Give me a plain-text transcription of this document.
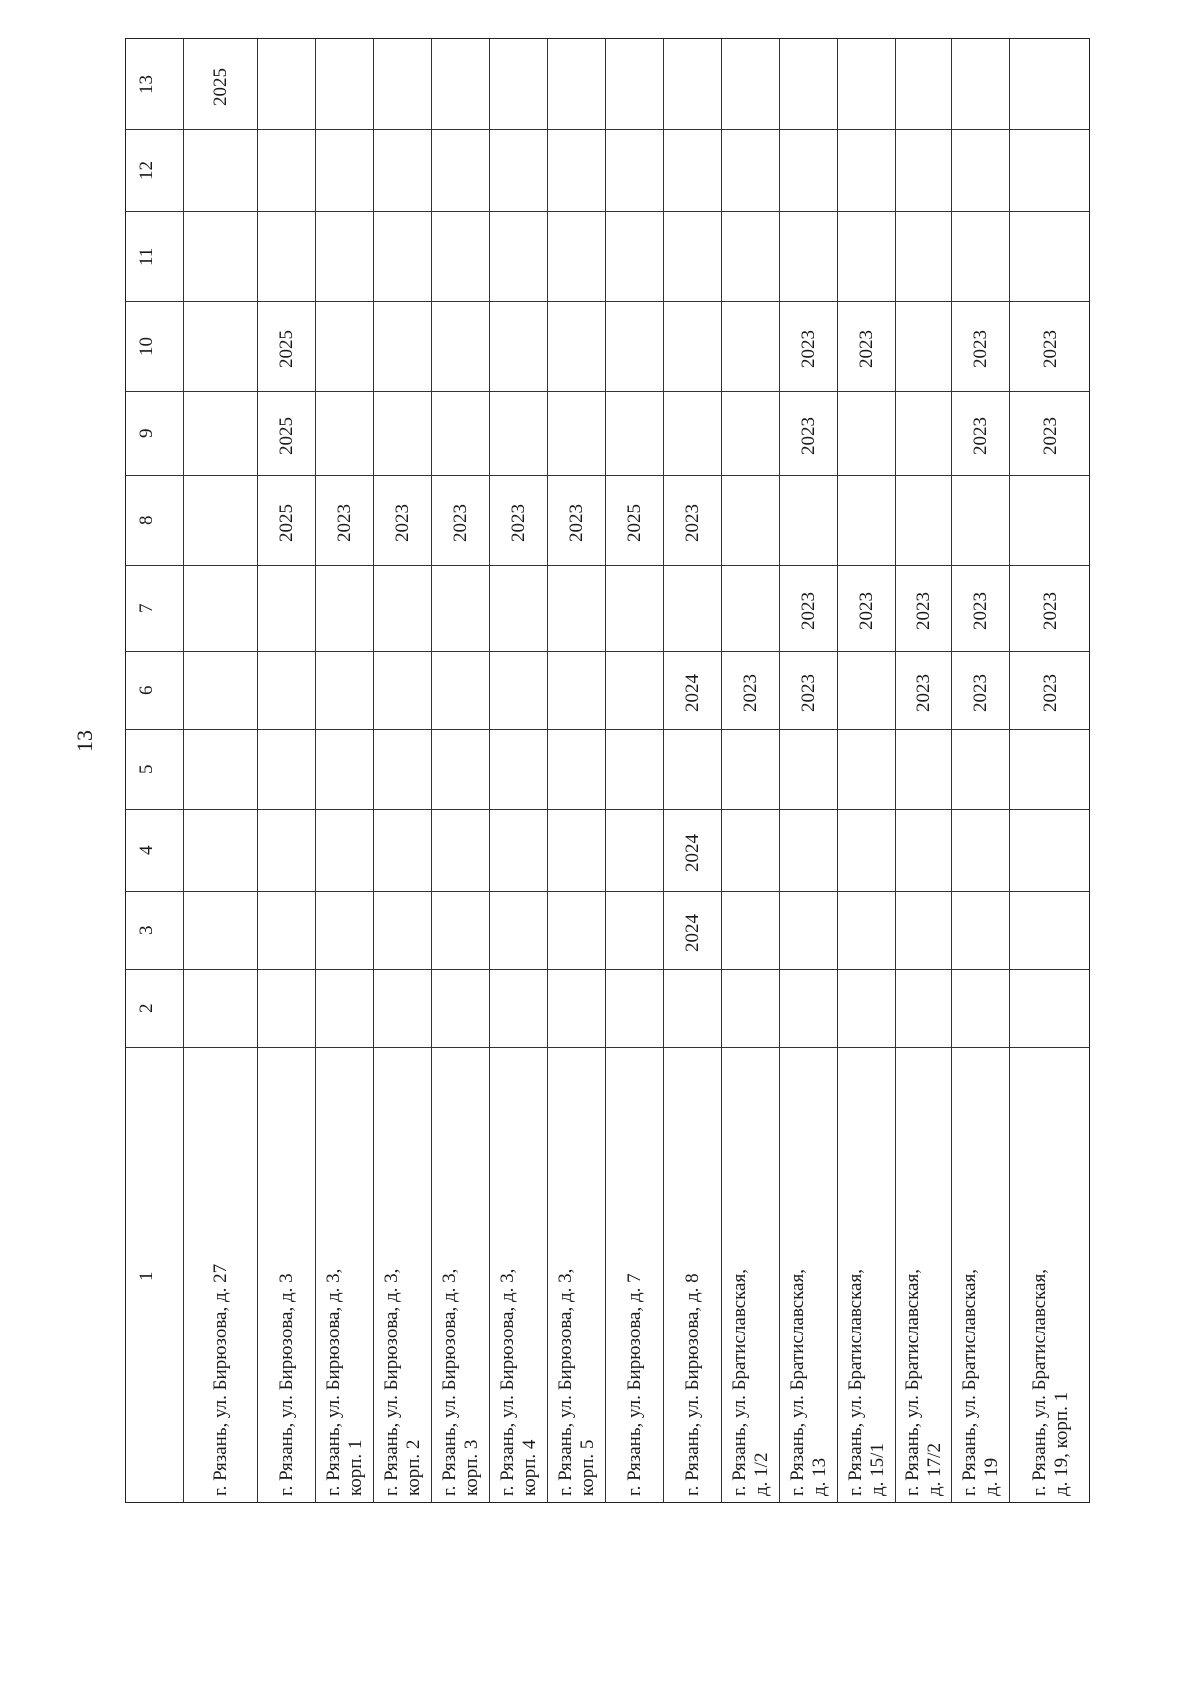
13
13
12
11
10
9
8
7
6
5
4
3
2
1	г. Рязань, ул. Бирюзова, д. 27
2025
г. Рязань, ул. Бирюзова, д. 3
2025
2025
2025
г. Рязань, ул. Бирюзова, д. 3, корп. 1
2023
г. Рязань, ул. Бирюзова, д. 3, корп. 2
2023
г. Рязань, ул. Бирюзова, д. 3, корп. 3
2023
г. Рязань, ул. Бирюзова, д. 3, корп. 4
2023
г. Рязань, ул. Бирюзова, д. 3, корп. 5
2023
г. Рязань, ул. Бирюзова, д. 7
2025
г. Рязань, ул. Бирюзова, д. 8
2024
2024
2024
2023
г. Рязань, ул. Братиславская, д. 1/2
2023
г. Рязань, ул. Братиславская, д. 13
2023
2023
2023
2023
г. Рязань, ул. Братиславская, д. 15/1
2023
2023
г. Рязань, ул. Братиславская, д. 17/2
2023
2023
г. Рязань, ул. Братиславская, д. 19
2023
2023
2023
2023
г. Рязань, ул. Братиславская, д. 19, корп. 1
2023
2023
2023
2023
